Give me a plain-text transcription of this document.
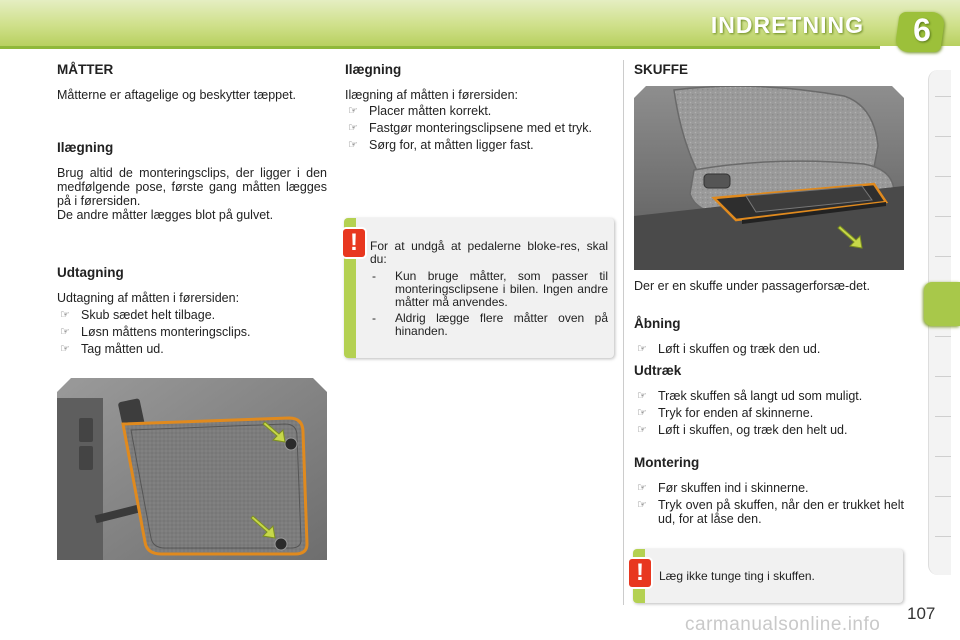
INDRETNING 6
MÅTTER

Måtterne er aftagelige og beskytter tæppet.

Ilægning

Brug altid de monteringsclips, der ligger i den medfølgende pose, første gang måtten lægges på i førersiden.

De andre måtter lægges blot på gulvet.

Udtagning

Udtagning af måtten i førersiden:

☞ Skub sædet helt tilbage.
☞ Løsn måttens monteringsclips.
☞ Tag måtten ud.
Ilægning

Ilægning af måtten i førersiden:

☞ Placer måtten korrekt.
☞ Fastgør monteringsclipsene med et tryk.
☞ Sørg for, at måtten ligger fast.
For at undgå at pedalerne bloke-res, skal du:
- Kun bruge måtter, som passer til monteringsclipsene i bilen. Ingen andre måtter må anvendes.
- Aldrig lægge flere måtter oven på hinanden.
!
SKUFFE

Der er en skuffe under passagerforsæ-det.

Åbning
☞ Løft i skuffen og træk den ud.
Udtræk
☞ Træk skuffen så langt ud som muligt.
☞ Tryk for enden af skinnerne.
☞ Løft i skuffen, og træk den helt ud.
Montering
☞ Før skuffen ind i skinnerne.
☞ Tryk oven på skuffen, når den er trukket helt ud, for at låse den.
Læg ikke tunge ting i skuffen.
!
107
carmanualsonline.info
